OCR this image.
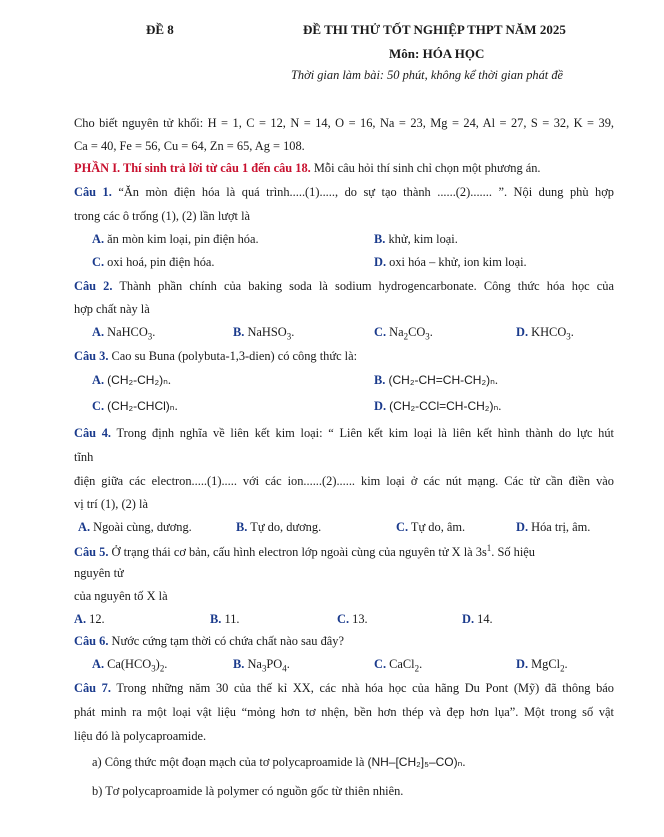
ĐỀ 8	ĐỀ THI THỬ TỐT NGHIỆP THPT NĂM 2025
Môn: HÓA HỌC
Thời gian làm bài: 50 phút, không kể thời gian phát đề
Cho biết nguyên tử khối: H = 1, C = 12, N = 14, O = 16, Na = 23, Mg = 24, Al = 27, S = 32, K = 39,
Ca = 40, Fe = 56, Cu = 64, Zn = 65, Ag = 108.
PHẦN I. Thí sinh trả lời từ câu 1 đến câu 18. Mỗi câu hỏi thí sinh chỉ chọn một phương án.
Câu 1. “Ăn mòn điện hóa là quá trình.....(1)....., do sự tạo thành ......(2)....... ”. Nội dung phù hợp
trong các ô trống (1), (2) lần lượt là
A. ăn mòn kim loại, pin điện hóa.	B. khử, kim loại.
C. oxi hoá, pin điện hóa.	D. oxi hóa – khử, ion kim loại.
Câu 2. Thành phần chính của baking soda là sodium hydrogencarbonate. Công thức hóa học của
hợp chất này là
A. NaHCO$_3$.	B. NaHSO$_3$.	C. $Na_2CO_3$.	D. $KHCO_3$.
Câu 3. Cao su Buna (polybuta-1,3-dien) có công thức là:
A. (CH₂-CH₂)ₙ.	B. (CH₂-CH=CH-CH₂)ₙ.
C. (CH₂-CHCl)ₙ.	D. (CH₂-CCl=CH-CH₂)ₙ.
Câu 4. Trong định nghĩa về liên kết kim loại: “ Liên kết kim loại là liên kết hình thành do lực hút
tĩnh
điện giữa các electron.....(1)..... với các ion......(2)...... kim loại ở các nút mạng. Các từ cần điền vào
vị trí (1), (2) là
A. Ngoài cùng, dương.	B. Tự do, dương.	C. Tự do, âm.	D. Hóa trị, âm.
Câu 5. Ở trạng thái cơ bản, cấu hình electron lớp ngoài cùng của nguyên tử X là $3s^1$. Số hiệu
nguyên tử
của nguyên tố X là
A. 12.	B. 11.	C. 13.	D. 14.
Câu 6. Nước cứng tạm thời có chứa chất nào sau đây?
A. $Ca(HCO_3)_2$.	B. $Na_3PO_4$.	C. CaCl$_2$.	D. MgCl$_2$.
Câu 7. Trong những năm 30 của thế kỉ XX, các nhà hóa học của hãng Du Pont (Mỹ) đã thông báo
phát minh ra một loại vật liệu “mỏng hơn tơ nhện, bền hơn thép và đẹp hơn lụa”. Một trong số vật
liệu đó là polycaproamide.
a) Công thức một đoạn mạch của tơ polycaproamide là (NH–[CH₂]₅–CO)ₙ.
b) Tơ polycaproamide là polymer có nguồn gốc từ thiên nhiên.
